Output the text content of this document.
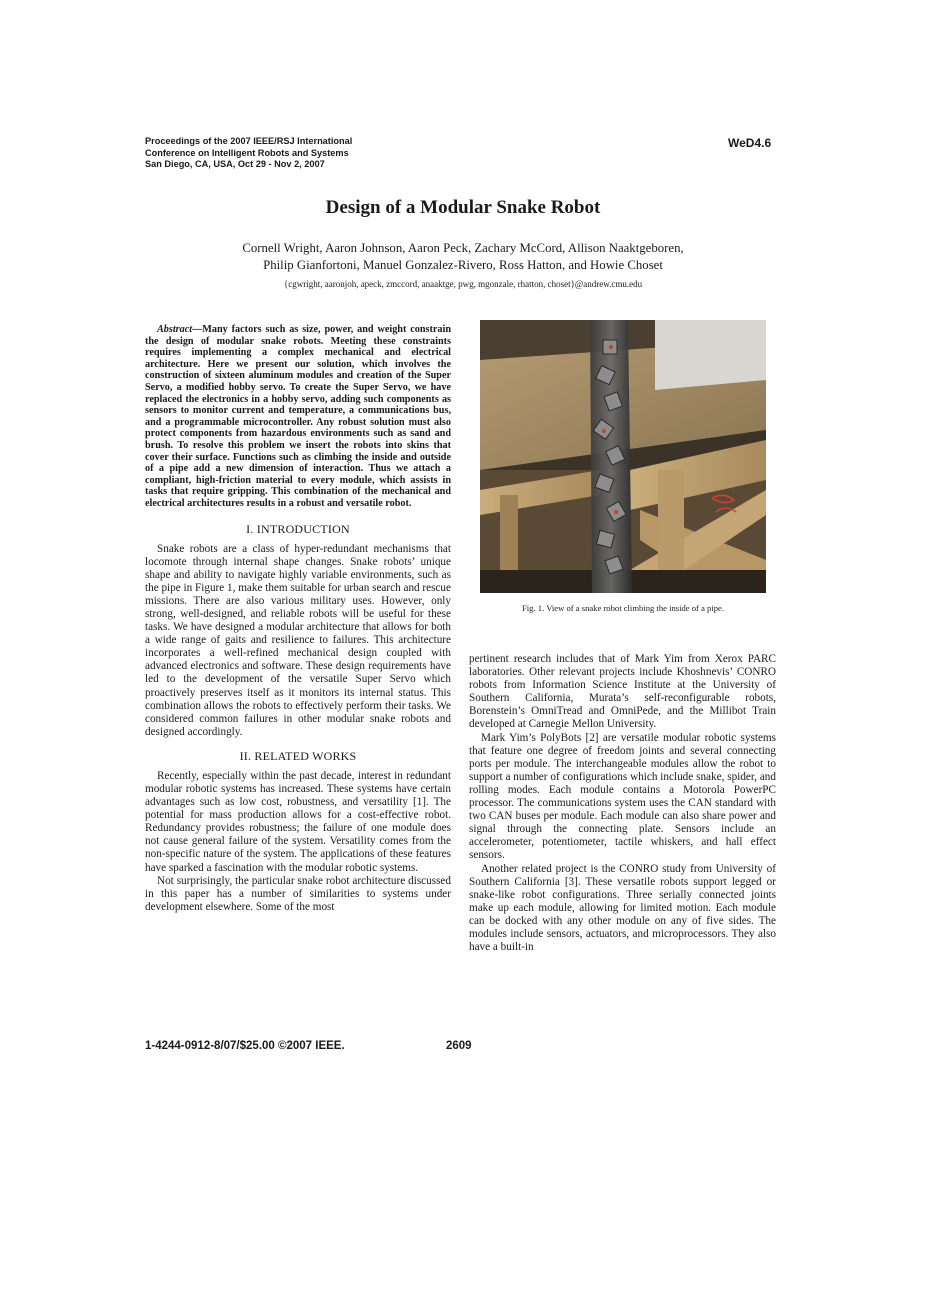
Proceedings of the 2007 IEEE/RSJ International
Conference on Intelligent Robots and Systems
San Diego, CA, USA, Oct 29 - Nov 2, 2007
WeD4.6
Design of a Modular Snake Robot
Cornell Wright, Aaron Johnson, Aaron Peck, Zachary McCord, Allison Naaktgeboren,
Philip Gianfortoni, Manuel Gonzalez-Rivero, Ross Hatton, and Howie Choset
{cgwright, aaronjoh, apeck, zmccord, anaaktge, pwg, mgonzale, rhatton, choset}@andrew.cmu.edu

Abstract—Many factors such as size, power, and weight constrain the design of modular snake robots. Meeting these constraints requires implementing a complex mechanical and electrical architecture. Here we present our solution, which involves the construction of sixteen aluminum modules and creation of the Super Servo, a modified hobby servo. To create the Super Servo, we have replaced the electronics in a hobby servo, adding such components as sensors to monitor current and temperature, a communications bus, and a programmable microcontroller. Any robust solution must also protect components from hazardous environments such as sand and brush. To resolve this problem we insert the robots into skins that cover their surface. Functions such as climbing the inside and outside of a pipe add a new dimension of interaction. Thus we attach a compliant, high-friction material to every module, which assists in tasks that require gripping. This combination of the mechanical and electrical architectures results in a robust and versatile robot.

I. INTRODUCTION

Snake robots are a class of hyper-redundant mechanisms that locomote through internal shape changes. Snake robots’ unique shape and ability to navigate highly variable environments, such as the pipe in Figure 1, make them suitable for urban search and rescue missions. There are also various military uses. However, only strong, well-designed, and reliable robots will be useful for these tasks. We have designed a modular architecture that allows for both a wide range of gaits and resilience to failures. This architecture incorporates a well-refined mechanical design coupled with advanced electronics and software. These design requirements have led to the development of the versatile Super Servo which proactively preserves itself as it monitors its internal status. This combination allows the robots to effectively perform their tasks. We considered common failures in other modular snake robots and designed accordingly.

II. RELATED WORKS

Recently, especially within the past decade, interest in redundant modular robotic systems has increased. These systems have certain advantages such as low cost, robustness, and versatility [1]. The potential for mass production allows for a cost-effective robot. Redundancy provides robustness; the failure of one module does not cause general failure of the system. Versatility comes from the non-specific nature of the system. The applications of these features have sparked a fascination with the modular robotic systems.

Not surprisingly, the particular snake robot architecture discussed in this paper has a number of similarities to systems under development elsewhere. Some of the most

Fig. 1. View of a snake robot climbing the inside of a pipe.

pertinent research includes that of Mark Yim from Xerox PARC laboratories. Other relevant projects include Khoshnevis’ CONRO robots from Information Science Institute at the University of Southern California, Murata’s self-reconfigurable robots, Borenstein’s OmniTread and OmniPede, and the Millibot Train developed at Carnegie Mellon University.

Mark Yim’s PolyBots [2] are versatile modular robotic systems that feature one degree of freedom joints and several connecting ports per module. The interchangeable modules allow the robot to support a number of configurations which include snake, spider, and rolling modes. Each module contains a Motorola PowerPC processor. The communications system uses the CAN standard with two CAN buses per module. Each module can also share power and signal through the connecting plate. Sensors include an accelerometer, potentiometer, tactile whiskers, and hall effect sensors.

Another related project is the CONRO study from University of Southern California [3]. These versatile robots support legged or snake-like robot configurations. Three serially connected joints make up each module, allowing for limited motion. Each module can be docked with any other module on any of five sides. The modules include sensors, actuators, and microprocessors. They also have a built-in

1-4244-0912-8/07/$25.00 ©2007 IEEE.	2609
